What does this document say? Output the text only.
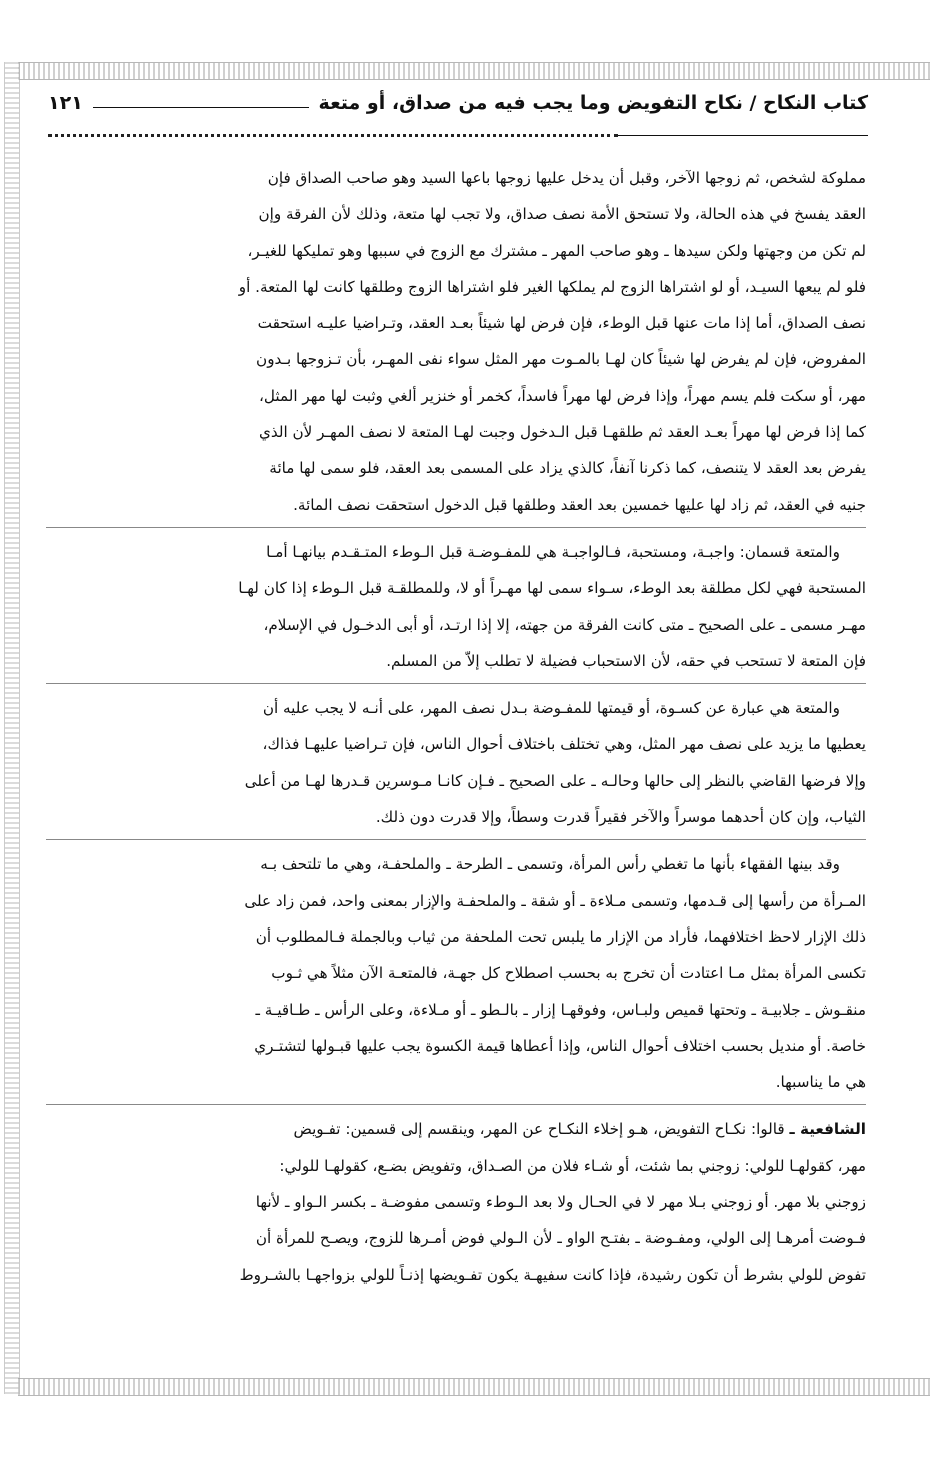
كتاب النكاح / نكاح التفويض وما يجب فيه من صداق، أو متعة
١٢١

مملوكة لشخص، ثم زوجها الآخر، وقبل أن يدخل عليها زوجها باعها السيد وهو صاحب الصداق فإن

العقد يفسخ في هذه الحالة، ولا تستحق الأمة نصف صداق، ولا تجب لها متعة، وذلك لأن الفرقة وإن

لم تكن من وجهتها ولكن سيدها ـ وهو صاحب المهر ـ مشترك مع الزوج في سببها وهو تمليكها للغيـر،

فلو لم يبعها السيـد، أو لو اشتراها الزوج لم يملكها الغير فلو اشتراها الزوج وطلقها كانت لها المتعة. أو

نصف الصداق، أما إذا مات عنها قبل الوطء، فإن فرض لها شيئاً بعـد العقد، وتـراضيا عليـه استحقت

المفروض، فإن لم يفرض لها شيئاً كان لهـا بالمـوت مهر المثل سواء نفى المهـر، بأن تـزوجها بـدون

مهر، أو سكت فلم يسم مهراً، وإذا فرض لها مهراً فاسداً، كخمر أو خنزير ألغي وثبت لها مهر المثل،

كما إذا فرض لها مهراً بعـد العقد ثم طلقهـا قبل الـدخول وجبت لهـا المتعة لا نصف المهـر لأن الذي

يفرض بعد العقد لا يتنصف، كما ذكرنا آنفاً، كالذي يزاد على المسمى بعد العقد، فلو سمى لها مائة

جنيه في العقد، ثم زاد لها عليها خمسين بعد العقد وطلقها قبل الدخول استحقت نصف المائة.

والمتعة قسمان: واجبـة، ومستحبة، فـالواجبـة هي للمفـوضـة قبل الـوطء المتـقـدم بيانهـا أمـا

المستحبة فهي لكل مطلقة بعد الوطء، سـواء سمى لها مهـراً أو لا، وللمطلقـة قبل الـوطء إذا كان لهـا

مهـر مسمى ـ على الصحيح ـ متى كانت الفرقة من جهته، إلا إذا ارتـد، أو أبى الدخـول في الإسلام،

فإن المتعة لا تستحب في حقه، لأن الاستحباب فضيلة لا تطلب إلاّ من المسلم.

والمتعة هي عبارة عن كسـوة، أو قيمتها للمفـوضة بـدل نصف المهر، على أنـه لا يجب عليه أن

يعطيها ما يزيد على نصف مهر المثل، وهي تختلف باختلاف أحوال الناس، فإن تـراضيا عليهـا فذاك،

وإلا فرضها القاضي بالنظر إلى حالها وحالـه ـ على الصحيح ـ فـإن كانـا مـوسرين قـدرها لهـا من أعلى

الثياب، وإن كان أحدهما موسراً والآخر فقيراً قدرت وسطاً، وإلا قدرت دون ذلك.

وقد بينها الفقهاء بأنها ما تغطي رأس المرأة، وتسمى ـ الطرحة ـ والملحفـة، وهي ما تلتحف بـه

المـرأة من رأسها إلى قـدمها، وتسمى مـلاءة ـ أو شقة ـ والملحفـة والإزار بمعنى واحد، فمن زاد على

ذلك الإزار لاحظ اختلافهما، فأراد من الإزار ما يلبس تحت الملحفة من ثياب وبالجملة فـالمطلوب أن

تكسى المرأة بمثل مـا اعتادت أن تخرج به بحسب اصطلاح كل جهـة، فالمتعـة الآن مثلاً هي ثـوب

منقـوش ـ جلابيـة ـ وتحتها قميص ولبـاس، وفوقهـا إزار ـ بالـطو ـ أو مـلاءة، وعلى الرأس ـ طـاقيـة ـ

خاصة. أو منديل بحسب اختلاف أحوال الناس، وإذا أعطاها قيمة الكسوة يجب عليها قبـولها لتشتـري

هي ما يناسبها.

الشافعية ـ قالوا: نكـاح التفويض، هـو إخلاء النكـاح عن المهر، وينقسم إلى قسمين: تفـويض

مهر، كقولهـا للولي: زوجني بما شئت، أو شـاء فلان من الصـداق، وتفويض بضـع، كقولهـا للولي:

زوجني بلا مهر. أو زوجني بـلا مهر لا في الحـال ولا بعد الـوطء وتسمى مفوضـة ـ بكسر الـواو ـ لأنها

فـوضت أمرهـا إلى الولي، ومفـوضة ـ بفتـح الواو ـ لأن الـولي فوض أمـرها للزوج، ويصـح للمرأة أن

تفوض للولي بشرط أن تكون رشيدة، فإذا كانت سفيهـة يكون تفـويضها إذنـاً للولي بزواجهـا بالشـروط
